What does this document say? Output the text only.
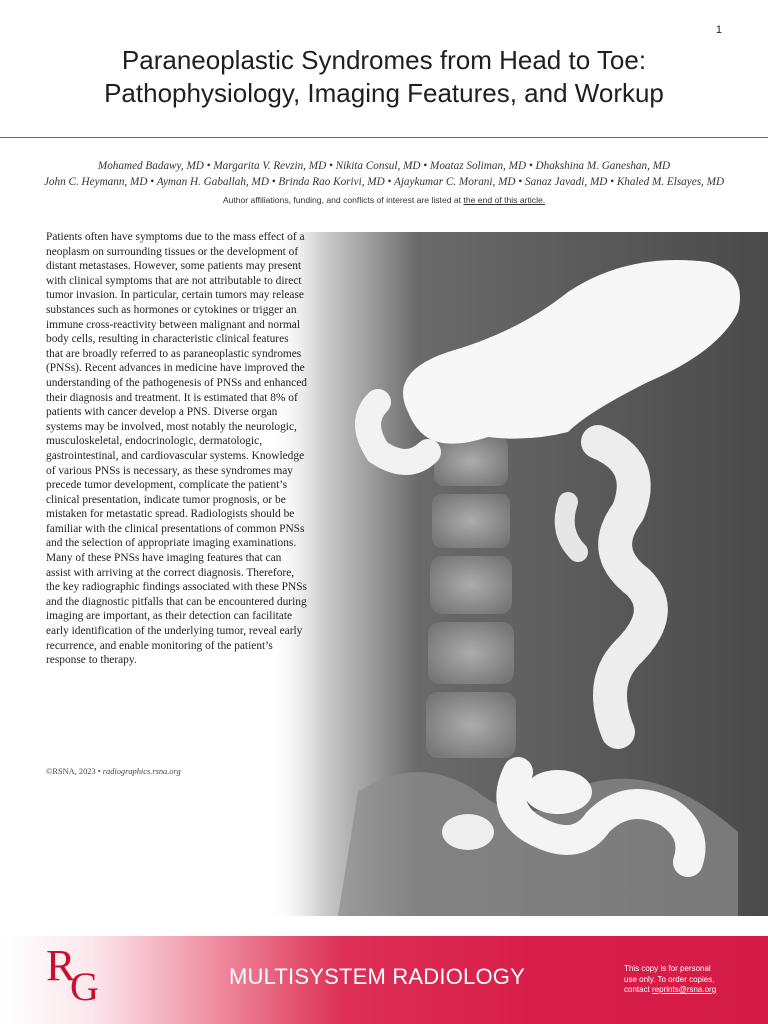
1
Paraneoplastic Syndromes from Head to Toe:
Pathophysiology, Imaging Features, and Workup
Mohamed Badawy, MD • Margarita V. Revzin, MD • Nikita Consul, MD • Moataz Soliman, MD • Dhakshina M. Ganeshan, MD
John C. Heymann, MD • Ayman H. Gaballah, MD • Brinda Rao Korivi, MD • Ajaykumar C. Morani, MD • Sanaz Javadi, MD • Khaled M. Elsayes, MD
Author affiliations, funding, and conflicts of interest are listed at the end of this article.

Patients often have symptoms due to the mass effect of a neoplasm on surrounding tissues or the development of distant metastases. However, some patients may present with clinical symptoms that are not attributable to direct tumor invasion. In particular, certain tumors may release substances such as hormones or cytokines or trigger an immune cross-reactivity between malignant and normal body cells, resulting in characteristic clinical features that are broadly referred to as paraneoplastic syndromes (PNSs). Recent advances in medicine have improved the understanding of the pathogenesis of PNSs and enhanced their diagnosis and treatment. It is estimated that 8% of patients with cancer develop a PNS. Diverse organ systems may be involved, most notably the neurologic, musculoskeletal, endocrinologic, dermatologic, gastrointestinal, and cardiovascular systems. Knowledge of various PNSs is necessary, as these syndromes may precede tumor development, complicate the patient’s clinical presentation, indicate tumor prognosis, or be mistaken for metastatic spread. Radiologists should be familiar with the clinical presentations of common PNSs and the selection of appropriate imaging examinations. Many of these PNSs have imaging features that can assist with arriving at the correct diagnosis. Therefore, the key radiographic findings associated with these PNSs and the diagnostic pitfalls that can be encountered during imaging are important, as their detection can facilitate early identification of the underlying tumor, reveal early recurrence, and enable monitoring of the patient’s response to therapy.

©RSNA, 2023 • radiographics.rsna.org
R
G	MULTISYSTEM RADIOLOGY	This copy is for personal
use only. To order copies,
contact reprints@rsna.org
